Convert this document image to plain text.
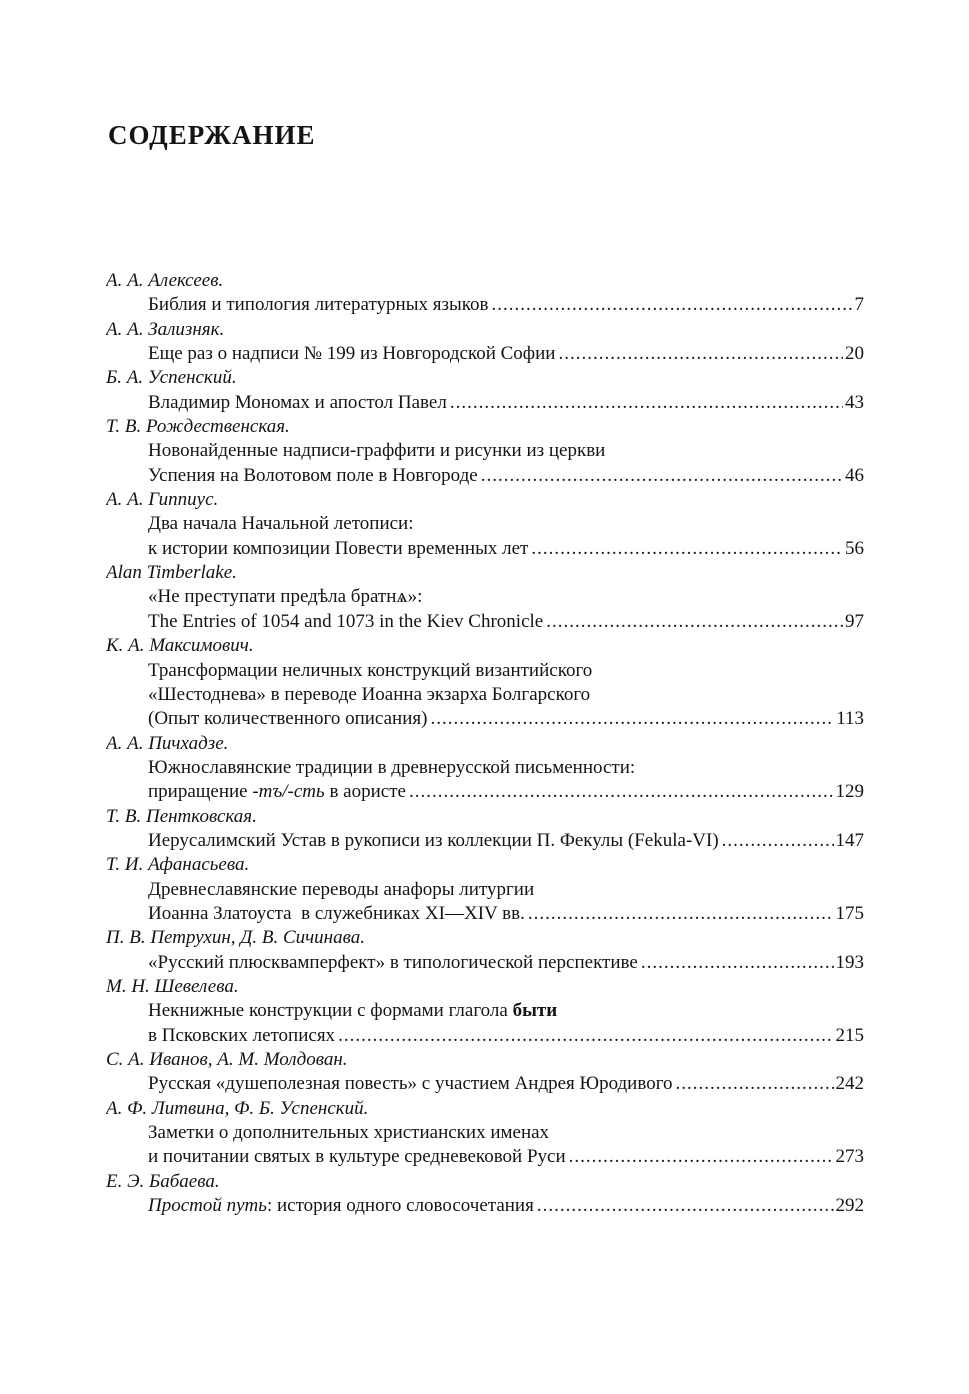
СОДЕРЖАНИЕ
А. А. Алексеев.
Библия и типология литературных языков .....	7
А. А. Зализняк.
Еще раз о надписи № 199 из Новгородской Софии .....	20
Б. А. Успенский.
Владимир Мономах и апостол Павел .....	43
Т. В. Рождественская.
Новонайденные надписи-граффити и рисунки из церкви
Успения на Волотовом поле в Новгороде .....	46
А. А. Гиппиус.
Два начала Начальной летописи:
к истории композиции Повести временных лет .....	56
Alan Timberlake.
«Не преступати предѣла братнѧ»:
The Entries of 1054 and 1073 in the Kiev Chronicle .....	97
К. А. Максимович.
Трансформации неличных конструкций византийского
«Шестоднева» в переводе Иоанна экзарха Болгарского
(Опыт количественного описания) .....	113
А. А. Пичхадзе.
Южнославянские традиции в древнерусской письменности:
приращение -тъ/-сть в аористе .....	129
Т. В. Пентковская.
Иерусалимский Устав в рукописи из коллекции П. Фекулы (Fekula-VI) .....	147
Т. И. Афанасьева.
Древнеславянские переводы анафоры литургии
Иоанна Златоуста  в служебниках XI—XIV вв. .....	175
П. В. Петрухин, Д. В. Сичинава.
«Русский плюсквамперфект» в типологической перспективе .....	193
М. Н. Шевелева.
Некнижные конструкции с формами глагола быти
в Псковских летописях .....	215
С. А. Иванов, А. М. Молдован.
Русская «душеполезная повесть» с участием Андрея Юродивого .....	242
А. Ф. Литвина, Ф. Б. Успенский.
Заметки о дополнительных христианских именах
и почитании святых в культуре средневековой Руси .....	273
Е. Э. Бабаева.
Простой путь: история одного словосочетания .....	292
